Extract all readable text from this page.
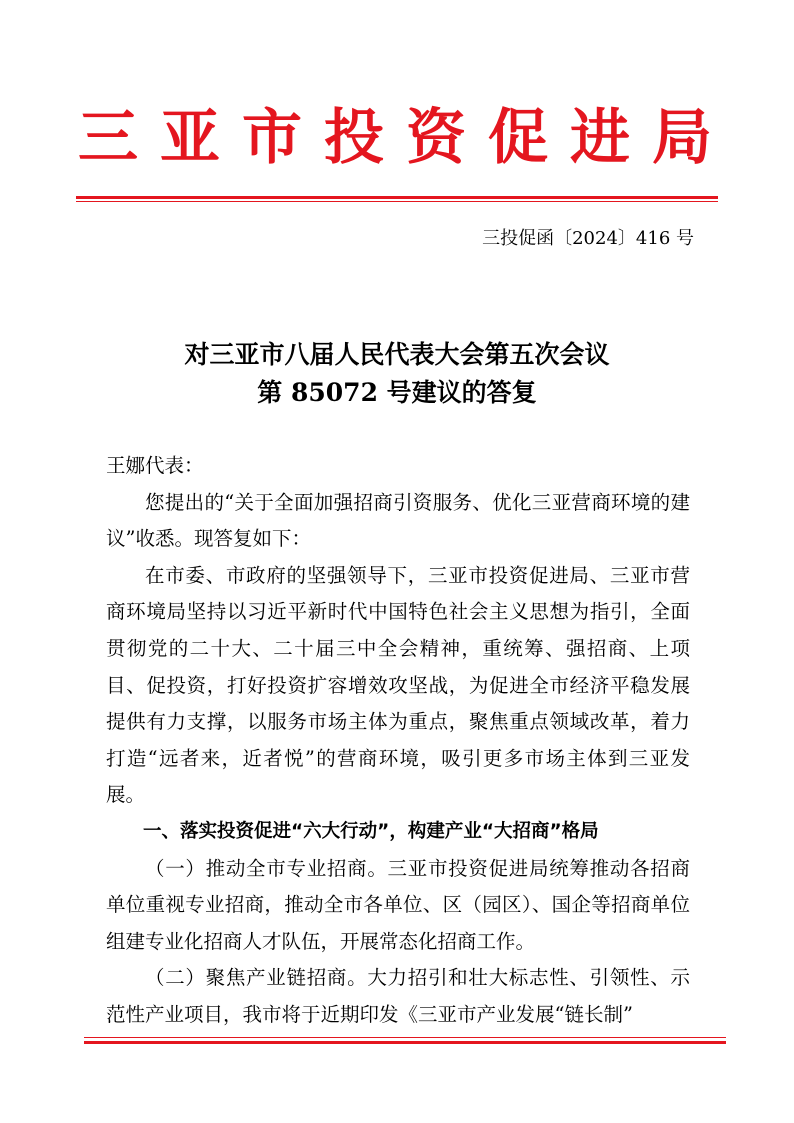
三亚市投资促进局
三投促函〔2024〕416 号
对三亚市八届人民代表大会第五次会议
第 85072 号建议的答复

王娜代表：

您提出的“关于全面加强招商引资服务、优化三亚营商环境的建议”收悉。现答复如下：

在市委、市政府的坚强领导下，三亚市投资促进局、三亚市营商环境局坚持以习近平新时代中国特色社会主义思想为指引，全面贯彻党的二十大、二十届三中全会精神，重统筹、强招商、上项目、促投资，打好投资扩容增效攻坚战，为促进全市经济平稳发展提供有力支撑，以服务市场主体为重点，聚焦重点领域改革，着力打造“远者来，近者悦”的营商环境，吸引更多市场主体到三亚发展。

一、落实投资促进“六大行动”，构建产业“大招商”格局

（一）推动全市专业招商。三亚市投资促进局统筹推动各招商单位重视专业招商，推动全市各单位、区（园区）、国企等招商单位组建专业化招商人才队伍，开展常态化招商工作。

（二）聚焦产业链招商。大力招引和壮大标志性、引领性、示范性产业项目，我市将于近期印发《三亚市产业发展“链长制”
